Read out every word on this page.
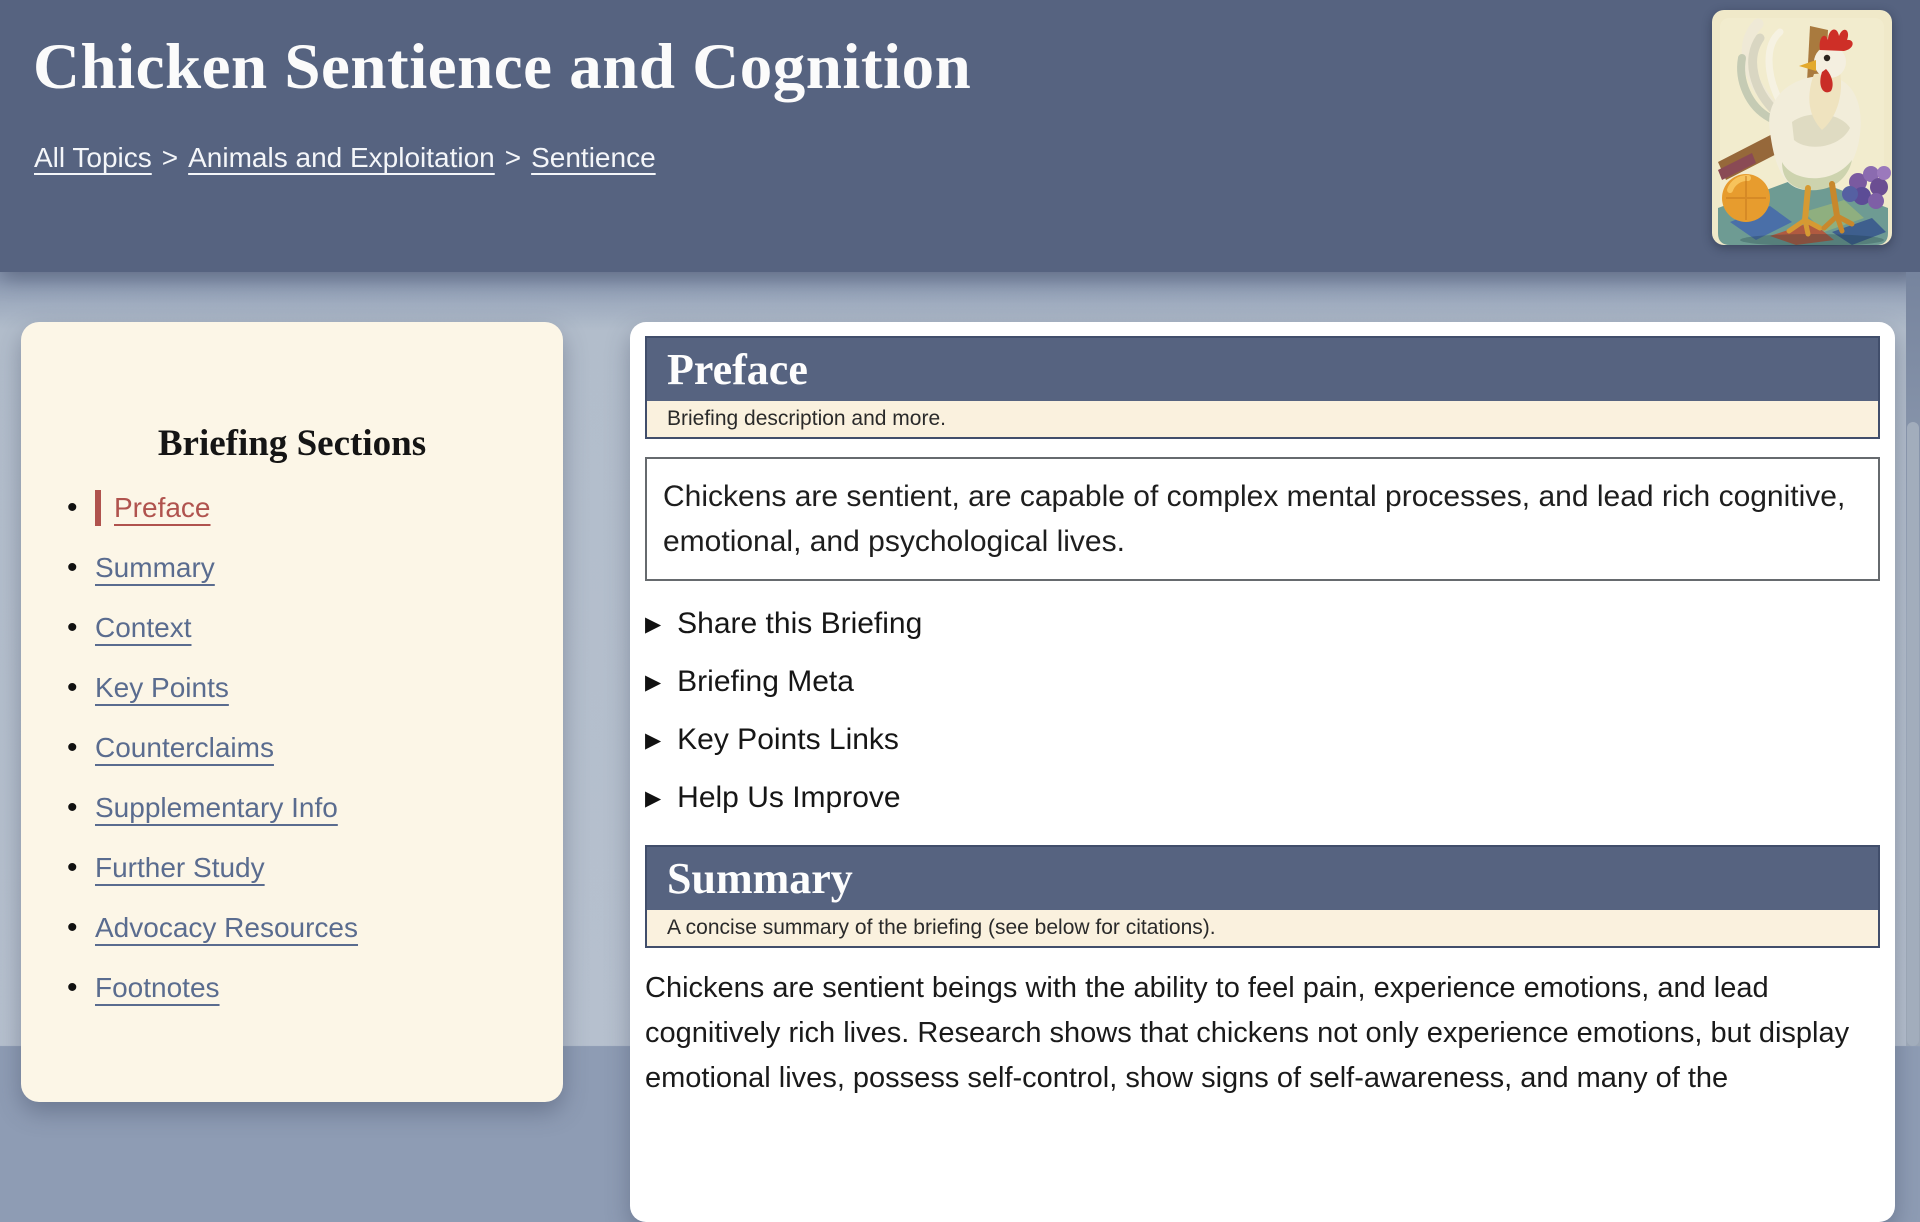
Chicken Sentience and Cognition
All Topics > Animals and Exploitation > Sentience
Briefing Sections
•	Preface
• Summary
• Context
• Key Points
• Counterclaims
• Supplementary Info
• Further Study
• Advocacy Resources
• Footnotes
Preface
Briefing description and more.
Chickens are sentient, are capable of complex mental processes, and lead rich cognitive, emotional, and psychological lives.
▶ Share this Briefing
▶ Briefing Meta
▶ Key Points Links
▶ Help Us Improve
Summary
A concise summary of the briefing (see below for citations).

Chickens are sentient beings with the ability to feel pain, experience emotions, and lead cognitively rich lives. Research shows that chickens not only experience emotions, but display emotional lives, possess self-control, show signs of self-awareness, and many of the
